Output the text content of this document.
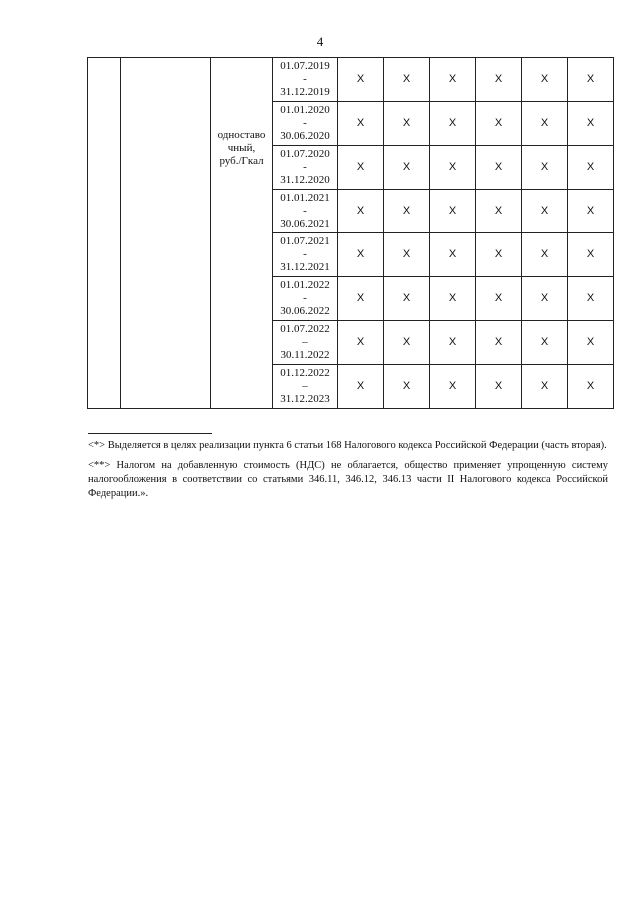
4

		одноставо
чный,
руб./Гкал	01.07.2019
-
31.12.2019	X	X	X	X	X	X

			01.01.2020
-
30.06.2020	X	X	X	X	X	X

			01.07.2020
-
31.12.2020	X	X	X	X	X	X

			01.01.2021
-
30.06.2021	X	X	X	X	X	X

			01.07.2021
-
31.12.2021	X	X	X	X	X	X

			01.01.2022
-
30.06.2022	X	X	X	X	X	X

			01.07.2022
–
30.11.2022	X	X	X	X	X	X

			01.12.2022
–
31.12.2023	X	X	X	X	X	X

<*> Выделяется в целях реализации пункта 6 статьи 168 Налогового кодекса Российской Федерации (часть вторая).

<**> Налогом на добавленную стоимость (НДС) не облагается, общество применяет упрощенную систему налогообложения в соответствии со статьями 346.11, 346.12, 346.13 части II Налогового кодекса Российской Федерации.».
